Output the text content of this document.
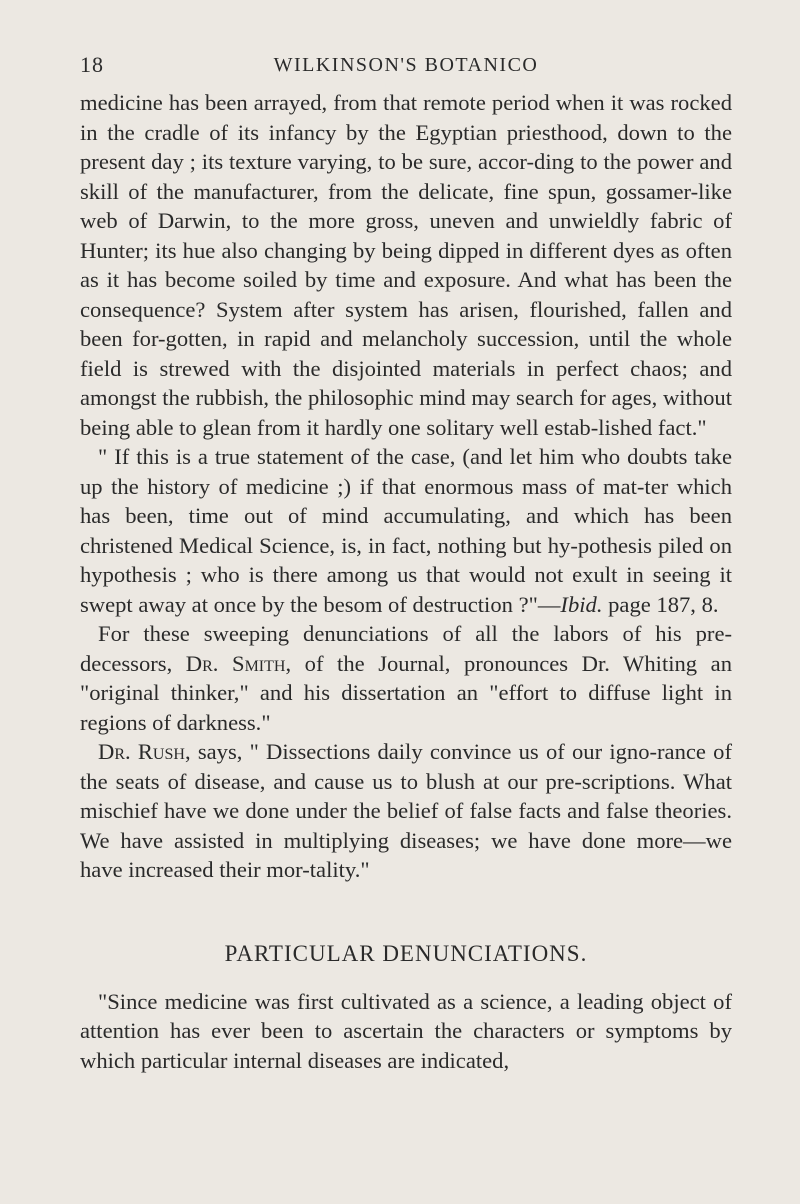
18	WILKINSON'S BOTANICO

medicine has been arrayed, from that remote period when it was rocked in the cradle of its infancy by the Egyptian priesthood, down to the present day ; its texture varying, to be sure, accor-ding to the power and skill of the manufacturer, from the delicate, fine spun, gossamer-like web of Darwin, to the more gross, uneven and unwieldly fabric of Hunter; its hue also changing by being dipped in different dyes as often as it has become soiled by time and exposure. And what has been the consequence? System after system has arisen, flourished, fallen and been for-gotten, in rapid and melancholy succession, until the whole field is strewed with the disjointed materials in perfect chaos; and amongst the rubbish, the philosophic mind may search for ages, without being able to glean from it hardly one solitary well estab-lished fact."

" If this is a true statement of the case, (and let him who doubts take up the history of medicine ;) if that enormous mass of mat-ter which has been, time out of mind accumulating, and which has been christened Medical Science, is, in fact, nothing but hy-pothesis piled on hypothesis ; who is there among us that would not exult in seeing it swept away at once by the besom of destruction ?"—Ibid. page 187, 8.

For these sweeping denunciations of all the labors of his pre-decessors, Dr. Smith, of the Journal, pronounces Dr. Whiting an "original thinker," and his dissertation an "effort to diffuse light in regions of darkness."

Dr. Rush, says, " Dissections daily convince us of our igno-rance of the seats of disease, and cause us to blush at our pre-scriptions. What mischief have we done under the belief of false facts and false theories. We have assisted in multiplying diseases; we have done more—we have increased their mor-tality."

PARTICULAR DENUNCIATIONS.

"Since medicine was first cultivated as a science, a leading object of attention has ever been to ascertain the characters or symptoms by which particular internal diseases are indicated,
